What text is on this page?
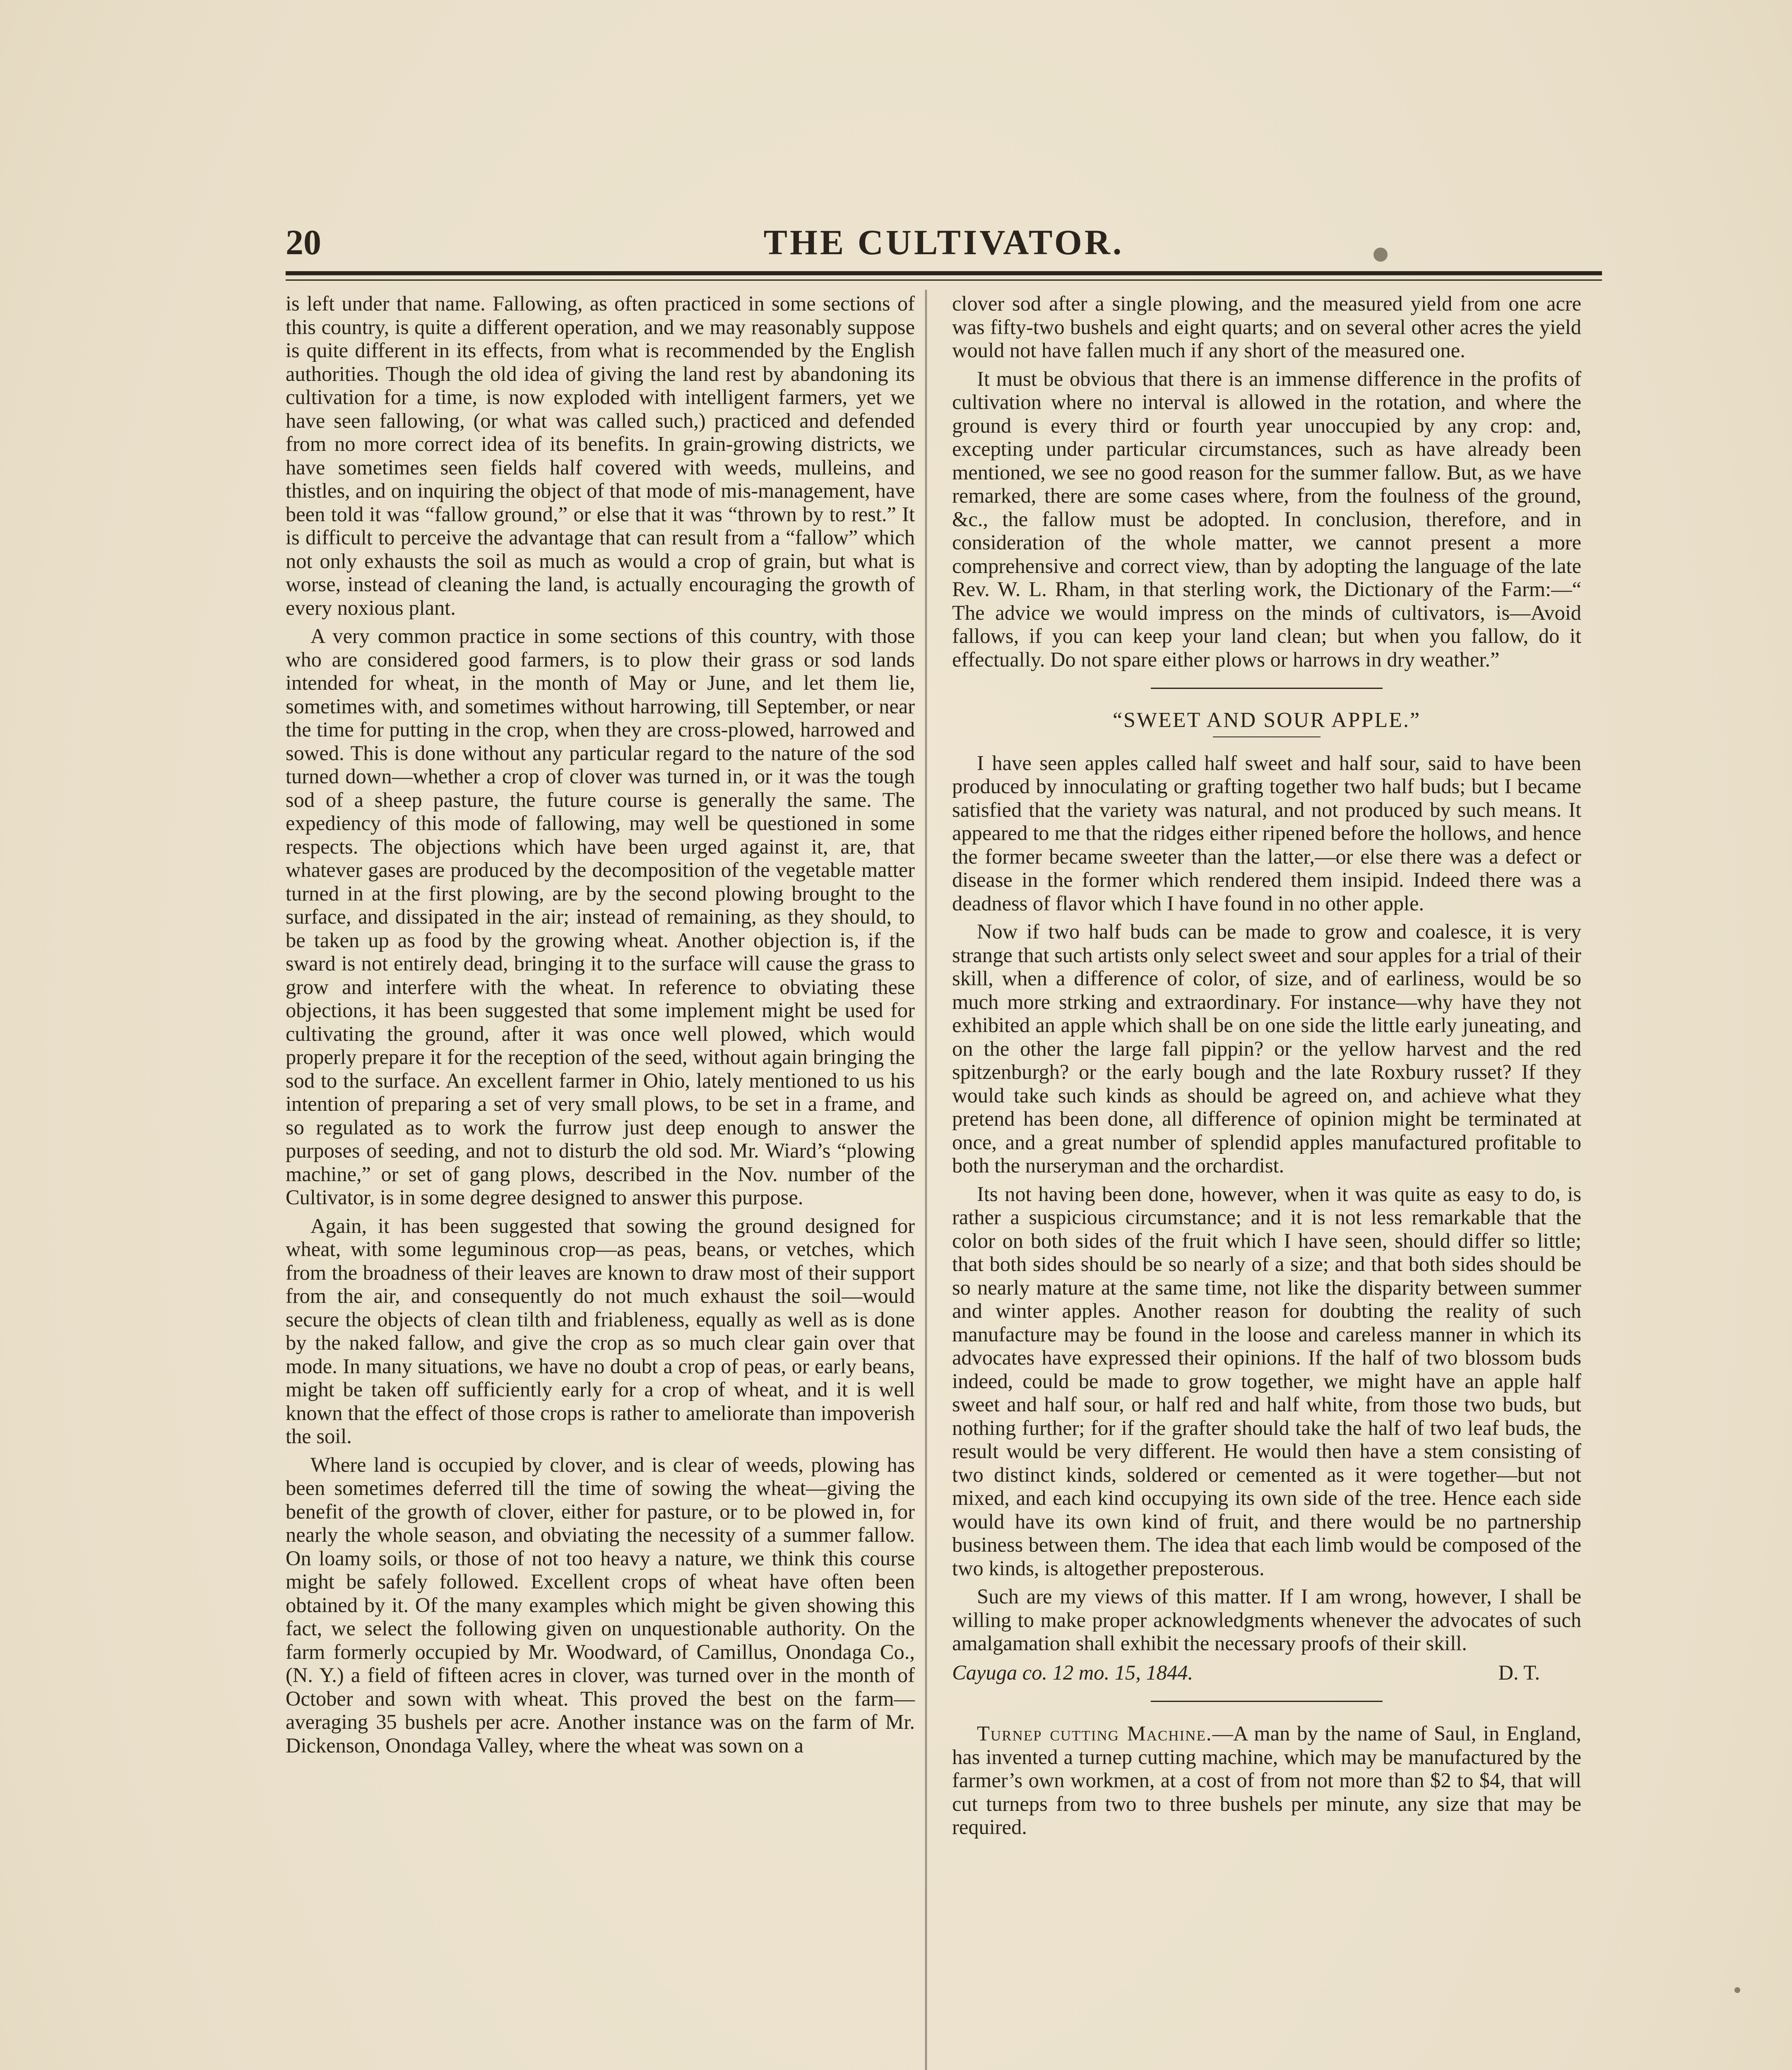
20	THE CULTIVATOR.

is left under that name. Fallowing, as often practiced in some sections of this country, is quite a different operation, and we may reasonably suppose is quite different in its effects, from what is recommended by the English authorities. Though the old idea of giving the land rest by abandoning its cultivation for a time, is now exploded with intelligent farmers, yet we have seen fallowing, (or what was called such,) practiced and defended from no more correct idea of its benefits. In grain-growing districts, we have sometimes seen fields half covered with weeds, mulleins, and thistles, and on inquiring the object of that mode of mis-management, have been told it was “fallow ground,” or else that it was “thrown by to rest.” It is difficult to perceive the advantage that can result from a “fallow” which not only exhausts the soil as much as would a crop of grain, but what is worse, instead of cleaning the land, is actually encouraging the growth of every noxious plant.

A very common practice in some sections of this country, with those who are considered good farmers, is to plow their grass or sod lands intended for wheat, in the month of May or June, and let them lie, sometimes with, and sometimes without harrowing, till September, or near the time for putting in the crop, when they are cross-plowed, harrowed and sowed. This is done without any particular regard to the nature of the sod turned down—whether a crop of clover was turned in, or it was the tough sod of a sheep pasture, the future course is generally the same. The expediency of this mode of fallowing, may well be questioned in some respects. The objections which have been urged against it, are, that whatever gases are produced by the decomposition of the vegetable matter turned in at the first plowing, are by the second plowing brought to the surface, and dissipated in the air; instead of remaining, as they should, to be taken up as food by the growing wheat. Another objection is, if the sward is not entirely dead, bringing it to the surface will cause the grass to grow and interfere with the wheat. In reference to obviating these objections, it has been suggested that some implement might be used for cultivating the ground, after it was once well plowed, which would properly prepare it for the reception of the seed, without again bringing the sod to the surface. An excellent farmer in Ohio, lately mentioned to us his intention of preparing a set of very small plows, to be set in a frame, and so regulated as to work the furrow just deep enough to answer the purposes of seeding, and not to disturb the old sod. Mr. Wiard’s “plowing machine,” or set of gang plows, described in the Nov. number of the Cultivator, is in some degree designed to answer this purpose.

Again, it has been suggested that sowing the ground designed for wheat, with some leguminous crop—as peas, beans, or vetches, which from the broadness of their leaves are known to draw most of their support from the air, and consequently do not much exhaust the soil—would secure the objects of clean tilth and friableness, equally as well as is done by the naked fallow, and give the crop as so much clear gain over that mode. In many situations, we have no doubt a crop of peas, or early beans, might be taken off sufficiently early for a crop of wheat, and it is well known that the effect of those crops is rather to ameliorate than impoverish the soil.

Where land is occupied by clover, and is clear of weeds, plowing has been sometimes deferred till the time of sowing the wheat—giving the benefit of the growth of clover, either for pasture, or to be plowed in, for nearly the whole season, and obviating the necessity of a summer fallow. On loamy soils, or those of not too heavy a nature, we think this course might be safely followed. Excellent crops of wheat have often been obtained by it. Of the many examples which might be given showing this fact, we select the following given on unquestionable authority. On the farm formerly occupied by Mr. Woodward, of Camillus, Onondaga Co., (N. Y.) a field of fifteen acres in clover, was turned over in the month of October and sown with wheat. This proved the best on the farm—averaging 35 bushels per acre. Another instance was on the farm of Mr. Dickenson, Onondaga Valley, where the wheat was sown on a

clover sod after a single plowing, and the measured yield from one acre was fifty-two bushels and eight quarts; and on several other acres the yield would not have fallen much if any short of the measured one.

It must be obvious that there is an immense difference in the profits of cultivation where no interval is allowed in the rotation, and where the ground is every third or fourth year unoccupied by any crop: and, excepting under particular circumstances, such as have already been mentioned, we see no good reason for the summer fallow. But, as we have remarked, there are some cases where, from the foulness of the ground, &c., the fallow must be adopted. In conclusion, therefore, and in consideration of the whole matter, we cannot present a more comprehensive and correct view, than by adopting the language of the late Rev. W. L. Rham, in that sterling work, the Dictionary of the Farm:—“ The advice we would impress on the minds of cultivators, is—Avoid fallows, if you can keep your land clean; but when you fallow, do it effectually. Do not spare either plows or harrows in dry weather.”

“SWEET AND SOUR APPLE.”

I have seen apples called half sweet and half sour, said to have been produced by innoculating or grafting together two half buds; but I became satisfied that the variety was natural, and not produced by such means. It appeared to me that the ridges either ripened before the hollows, and hence the former became sweeter than the latter,—or else there was a defect or disease in the former which rendered them insipid. Indeed there was a deadness of flavor which I have found in no other apple.

Now if two half buds can be made to grow and coalesce, it is very strange that such artists only select sweet and sour apples for a trial of their skill, when a difference of color, of size, and of earliness, would be so much more strking and extraordinary. For instance—why have they not exhibited an apple which shall be on one side the little early juneating, and on the other the large fall pippin? or the yellow harvest and the red spitzenburgh? or the early bough and the late Roxbury russet? If they would take such kinds as should be agreed on, and achieve what they pretend has been done, all difference of opinion might be terminated at once, and a great number of splendid apples manufactured profitable to both the nurseryman and the orchardist.

Its not having been done, however, when it was quite as easy to do, is rather a suspicious circumstance; and it is not less remarkable that the color on both sides of the fruit which I have seen, should differ so little; that both sides should be so nearly of a size; and that both sides should be so nearly mature at the same time, not like the disparity between summer and winter apples. Another reason for doubting the reality of such manufacture may be found in the loose and careless manner in which its advocates have expressed their opinions. If the half of two blossom buds indeed, could be made to grow together, we might have an apple half sweet and half sour, or half red and half white, from those two buds, but nothing further; for if the grafter should take the half of two leaf buds, the result would be very different. He would then have a stem consisting of two distinct kinds, soldered or cemented as it were together—but not mixed, and each kind occupying its own side of the tree. Hence each side would have its own kind of fruit, and there would be no partnership business between them. The idea that each limb would be composed of the two kinds, is altogether preposterous.

Such are my views of this matter. If I am wrong, however, I shall be willing to make proper acknowledgments whenever the advocates of such amalgamation shall exhibit the necessary proofs of their skill.

Cayuga co. 12 mo. 15, 1844.	D. T.

Turnep cutting Machine.—A man by the name of Saul, in England, has invented a turnep cutting machine, which may be manufactured by the farmer’s own workmen, at a cost of from not more than $2 to $4, that will cut turneps from two to three bushels per minute, any size that may be required.
